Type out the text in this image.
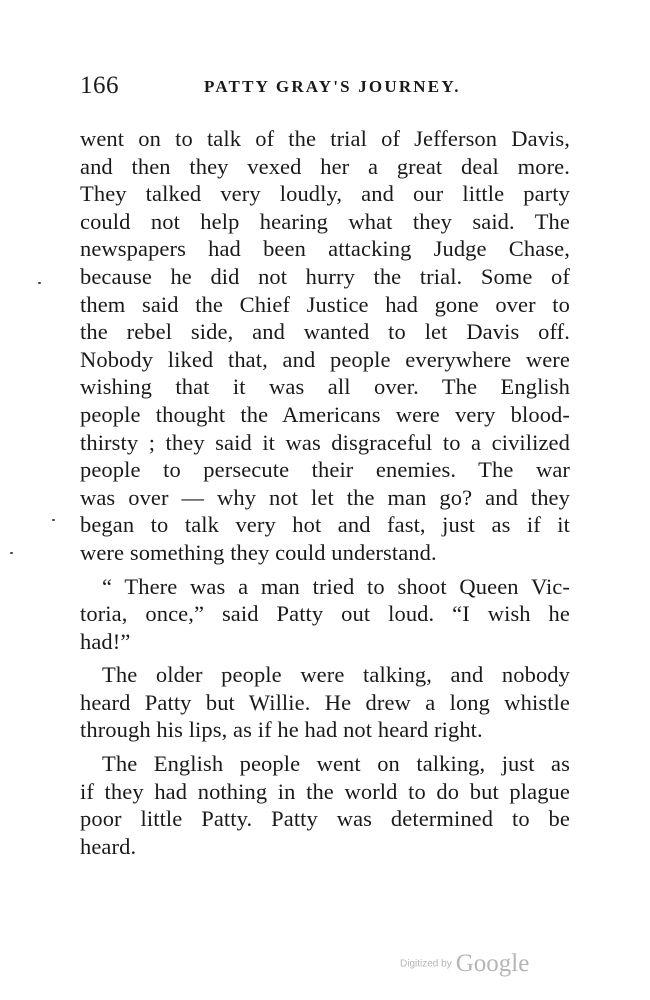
166	PATTY GRAY'S JOURNEY.
went on to talk of the trial of Jefferson Davis,
and then they vexed her a great deal more.
They talked very loudly, and our little party
could not help hearing what they said. The
newspapers had been attacking Judge Chase,
because he did not hurry the trial. Some of
them said the Chief Justice had gone over to
the rebel side, and wanted to let Davis off.
Nobody liked that, and people everywhere were
wishing that it was all over. The English
people thought the Americans were very blood-
thirsty ; they said it was disgraceful to a civilized
people to persecute their enemies. The war
was over — why not let the man go? and they
began to talk very hot and fast, just as if it
were something they could understand.
“ There was a man tried to shoot Queen Vic-
toria, once,” said Patty out loud. “I wish he
had!”
The older people were talking, and nobody
heard Patty but Willie. He drew a long whistle
through his lips, as if he had not heard right.
The English people went on talking, just as
if they had nothing in the world to do but plague
poor little Patty. Patty was determined to be
heard.
Digitized by Google
